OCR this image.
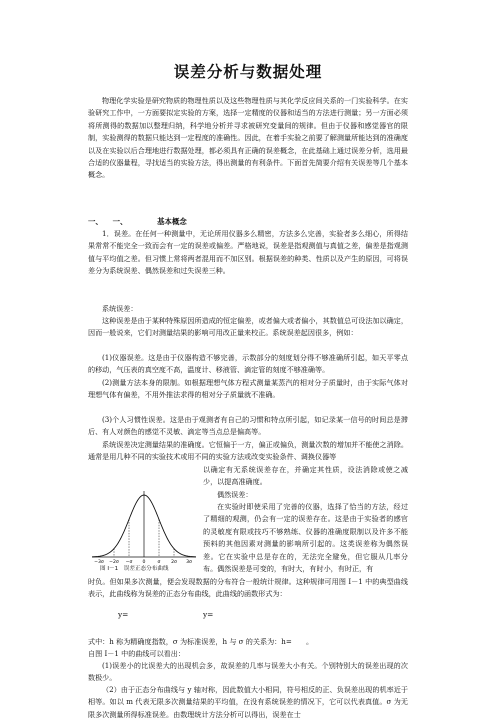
误差分析与数据处理

物理化学实验是研究物质的物理性质以及这些物理性质与其化学反应间关系的一门实验科学。在实验研究工作中，一方面要拟定实验的方案，选择一定精度的仪器和适当的方法进行测量；另一方面必须将所测得的数据加以整理归纳，科学地分析并寻求被研究变量间的规律。但由于仪器和感觉器官的限制，实验测得的数据只能达到一定程度的准确性。因此，在着手实验之前要了解测量所能达到的准确度以及在实验以后合理地进行数据处理，都必须具有正确的误差概念，在此基础上通过误差分析，选用最合适的仪器量程，寻找适当的实验方法，得出测量的有利条件。下面首先简要介绍有关误差等几个基本概念。

一、 一、	基本概念

1．误差。在任何一种测量中，无论所用仪器多么精密，方法多么完善，实验者多么细心，所得结果常常不能完全一致而会有一定的误差或偏差。严格地说，误差是指观测值与真值之差，偏差是指观测值与平均值之差。但习惯上常将两者混用而不加区别。根据误差的种类、性质以及产生的原因，可将误差分为系统误差、偶然误差和过失误差三种。

系统误差：

这种误差是由于某种特殊原因所造成的恒定偏差，或者偏大或者偏小，其数值总可设法加以确定，因而一般说来，它们对测量结果的影响可用改正量来校正。系统误差起因很多，例如：

(1)仪器误差。这是由于仪器构造不够完善，示数部分的刻度划分得不够准确所引起，如天平零点的移动，气压表的真空度不高，温度计、移液管、滴定管的刻度不够准确等。

(2)测量方法本身的限制。如根据理想气体方程式测量某蒸汽的相对分子质量时，由于实际气体对理想气体有偏差，不用外推法求得的相对分子质量就不准确。

(3)个人习惯性误差。这是由于观测者有自己的习惯和特点所引起，如记录某一信号的时间总是滞后、有人对颜色的感觉不灵敏、滴定等当点总是偏高等。

系统误差决定测量结果的准确度。它恒偏于一方，偏正或偏负，测量次数的增加并不能使之消除。通常是用几种不同的实验技术或用不同的实验方法或改变实验条件、调换仪器等

以确定有无系统误差存在，并确定其性质，设法消除或使之减少，以提高准确度。

偶然误差：

在实验时即使采用了完善的仪器，选择了恰当的方法，经过了精细的观测，仍会有一定的误差存在。这是由于实验者的感官的灵敏度有限或技巧不够熟练、仪器的准确度限制以及许多不能预料的其他因素对测量的影响所引起的。这类误差称为偶然误差。它在实验中总是存在的，无法完全避免，但它服从几率分布。偶然误差是可变的，有时大，有时小，有时正，有

−3σ −2σ −σ 0	σ 2σ 3σ
图 I－1　误差正态分布曲线

时负。但如果多次测量，便会发现数据的分布符合一般统计规律。这种规律可用图 I－1 中的典型曲线表示，此曲线称为误差的正态分布曲线，此曲线的函数形式为：

y=	y=

式中：h 称为精确度指数，σ 为标准误差，h 与 σ 的关系为：h=　　。

自图 I－1 中的曲线可以看出：

(1)误差小的比误差大的出现机会多，故误差的几率与误差大小有关。个别特别大的误差出现的次数极少。

（2）由于正态分布曲线与 y 轴对称，因此数值大小相同，符号相反的正、负误差出现的机率近于相等。如以 m 代表无限多次测量结果的平均值，在没有系统误差的情况下，它可以代表真值。σ 为无限多次测量所得标准误差。由数理统计方法分析可以得出，误差在士
